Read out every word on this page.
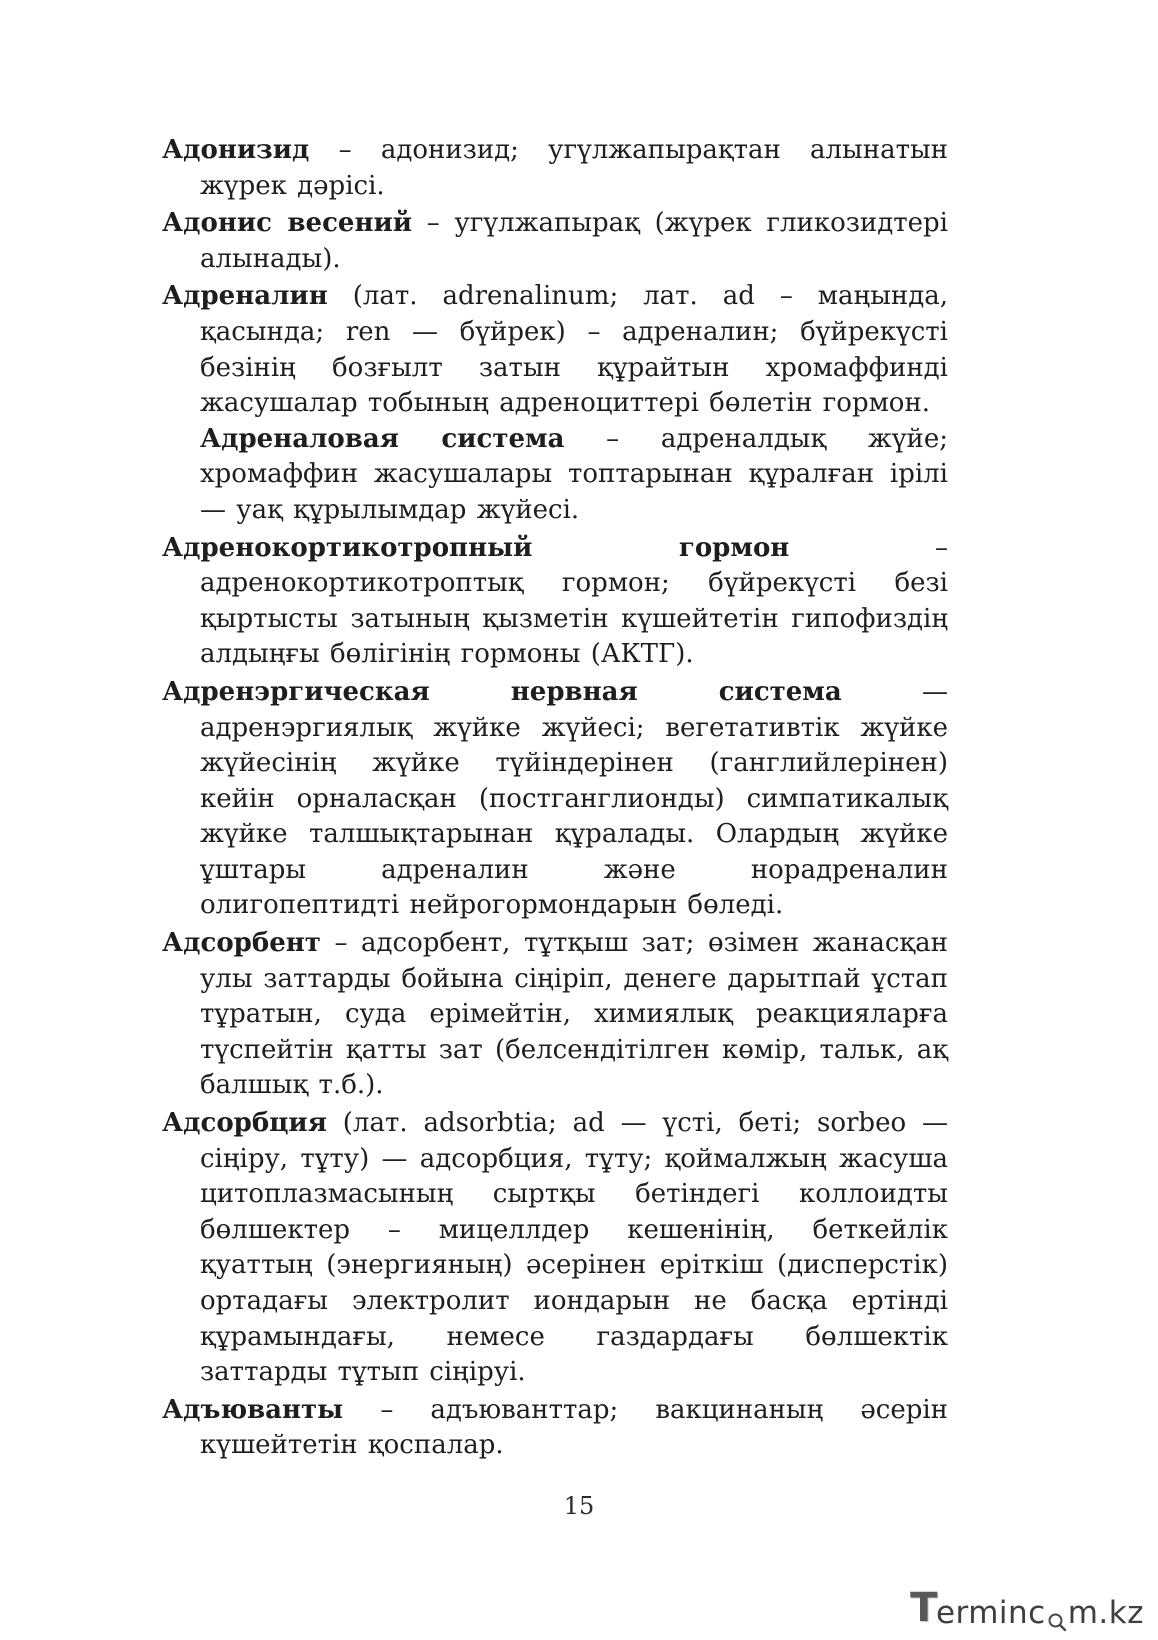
Адонизид – адонизид; угүлжапырақтан алынатын жүрек дәрісі.

Адонис весений – угүлжапырақ (жүрек гликозидтері алынады).

Адреналин (лат. adrenalinum; лат. ad – маңында, қасында; ren — бүйрек) – адреналин; бүйрекүсті безінің бозғылт затын құрайтын хромаффинді жасушалар тобының адреноциттері бөлетін гормон.

Адреналовая система – адреналдық жүйе; хромаффин жасушалары топтарынан құралған ірілі — уақ құрылымдар жүйесі.

Адренокортикотропный гормон – адренокортикотроптық гормон; бүйрекүсті безі қыртысты затының қызметін күшейтетін гипофиздің алдыңғы бөлігінің гормоны (АКТГ).

Адренэргическая нервная система — адренэргиялық жүйке жүйесі; вегетативтік жүйке жүйесінің жүйке түйіндерінен (ганглийлерінен) кейін орналасқан (постганглионды) симпатикалық жүйке талшықтарынан құралады. Олардың жүйке ұштары адреналин және норадреналин олигопептидті нейрогормондарын бөледі.

Адсорбент – адсорбент, тұтқыш зат; өзімен жанасқан улы заттарды бойына сіңіріп, денеге дарытпай ұстап тұратын, суда ерімейтін, химиялық реакцияларға түспейтін қатты зат (белсендітілген көмір, тальк, ақ балшық т.б.).

Адсорбция (лат. adsorbtia; ad — үсті, беті; sorbeo — сіңіру, тұту) — адсорбция, тұту; қоймалжың жасуша цитоплазмасының сыртқы бетіндегі коллоидты бөлшектер – мицеллдер кешенінің, беткейлік қуаттың (энергияның) әсерінен еріткіш (дисперстік) ортадағы электролит иондарын не басқа ертінді құрамындағы, немесе газдардағы бөлшектік заттарды тұтып сіңіруі.

Адъюванты – адъюванттар; вакцинаның әсерін күшейтетін қоспалар.

15
T
erminc m.kz
